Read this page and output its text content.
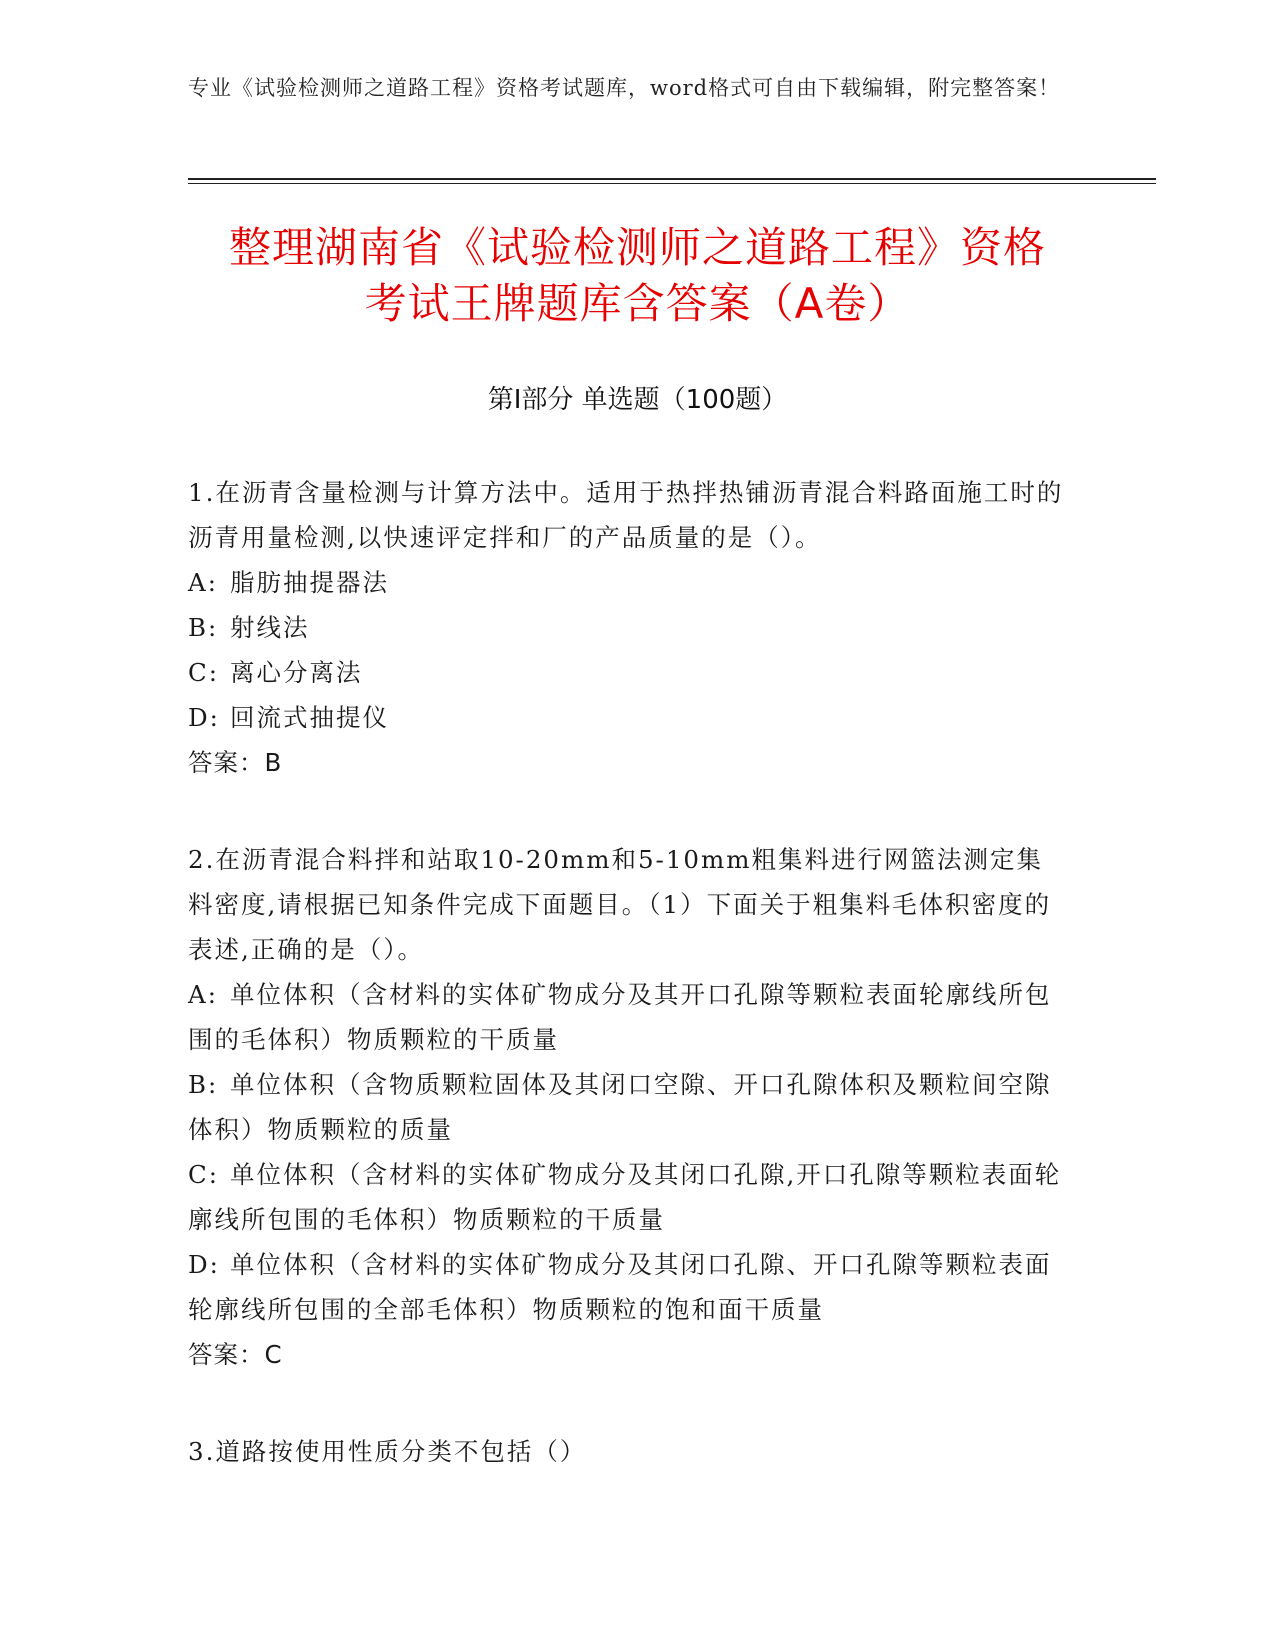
专业《试验检测师之道路工程》资格考试题库，word格式可自由下载编辑，附完整答案！
整理湖南省《试验检测师之道路工程》资格
考试王牌题库含答案（A卷）
第I部分 单选题（100题）

1.在沥青含量检测与计算方法中。适用于热拌热铺沥青混合料路面施工时的沥青用量检测,以快速评定拌和厂的产品质量的是（）。

A: 脂肪抽提器法

B: 射线法

C: 离心分离法

D: 回流式抽提仪

答案：B

2.在沥青混合料拌和站取10-20mm和5-10mm粗集料进行网篮法测定集料密度,请根据已知条件完成下面题目。（1）下面关于粗集料毛体积密度的表述,正确的是（）。

A: 单位体积（含材料的实体矿物成分及其开口孔隙等颗粒表面轮廓线所包围的毛体积）物质颗粒的干质量

B: 单位体积（含物质颗粒固体及其闭口空隙、开口孔隙体积及颗粒间空隙体积）物质颗粒的质量

C: 单位体积（含材料的实体矿物成分及其闭口孔隙,开口孔隙等颗粒表面轮廓线所包围的毛体积）物质颗粒的干质量

D: 单位体积（含材料的实体矿物成分及其闭口孔隙、开口孔隙等颗粒表面轮廓线所包围的全部毛体积）物质颗粒的饱和面干质量

答案：C

3.道路按使用性质分类不包括（）
